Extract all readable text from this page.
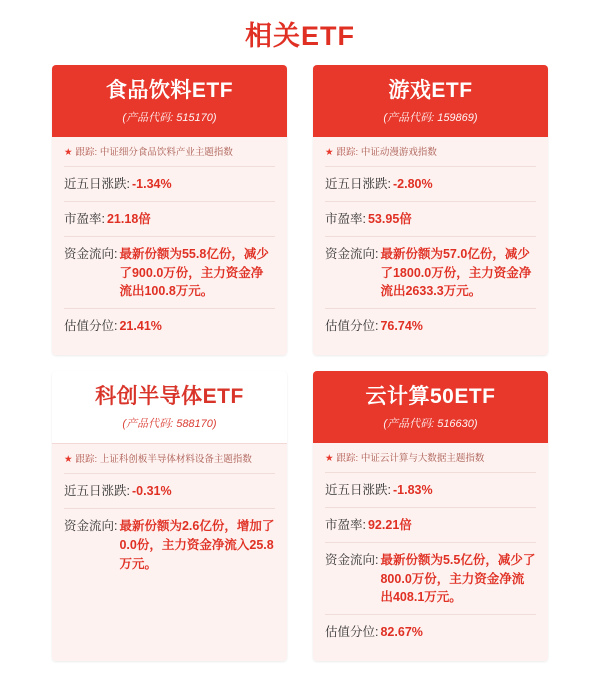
相关ETF
食品饮料ETF
(产品代码: 515170)
★ 跟踪:
中证细分食品饮料产业主题指数
近五日涨跌: -1.34%
市盈率: 21.18倍
资金流向: 最新份额为55.8亿份，减少了900.0万份，主力资金净流出100.8万元。
估值分位: 21.41%
游戏ETF
(产品代码: 159869)
★ 跟踪:
中证动漫游戏指数
近五日涨跌: -2.80%
市盈率: 53.95倍
资金流向: 最新份额为57.0亿份，减少了1800.0万份，主力资金净流出2633.3万元。
估值分位: 76.74%
科创半导体ETF
(产品代码: 588170)
★ 跟踪:
上证科创板半导体材料设备主题指数
近五日涨跌: -0.31%
资金流向: 最新份额为2.6亿份，增加了0.0份，主力资金净流入25.8万元。
云计算50ETF
(产品代码: 516630)
★ 跟踪:
中证云计算与大数据主题指数
近五日涨跌: -1.83%
市盈率: 92.21倍
资金流向: 最新份额为5.5亿份，减少了800.0万份，主力资金净流出408.1万元。
估值分位: 82.67%
